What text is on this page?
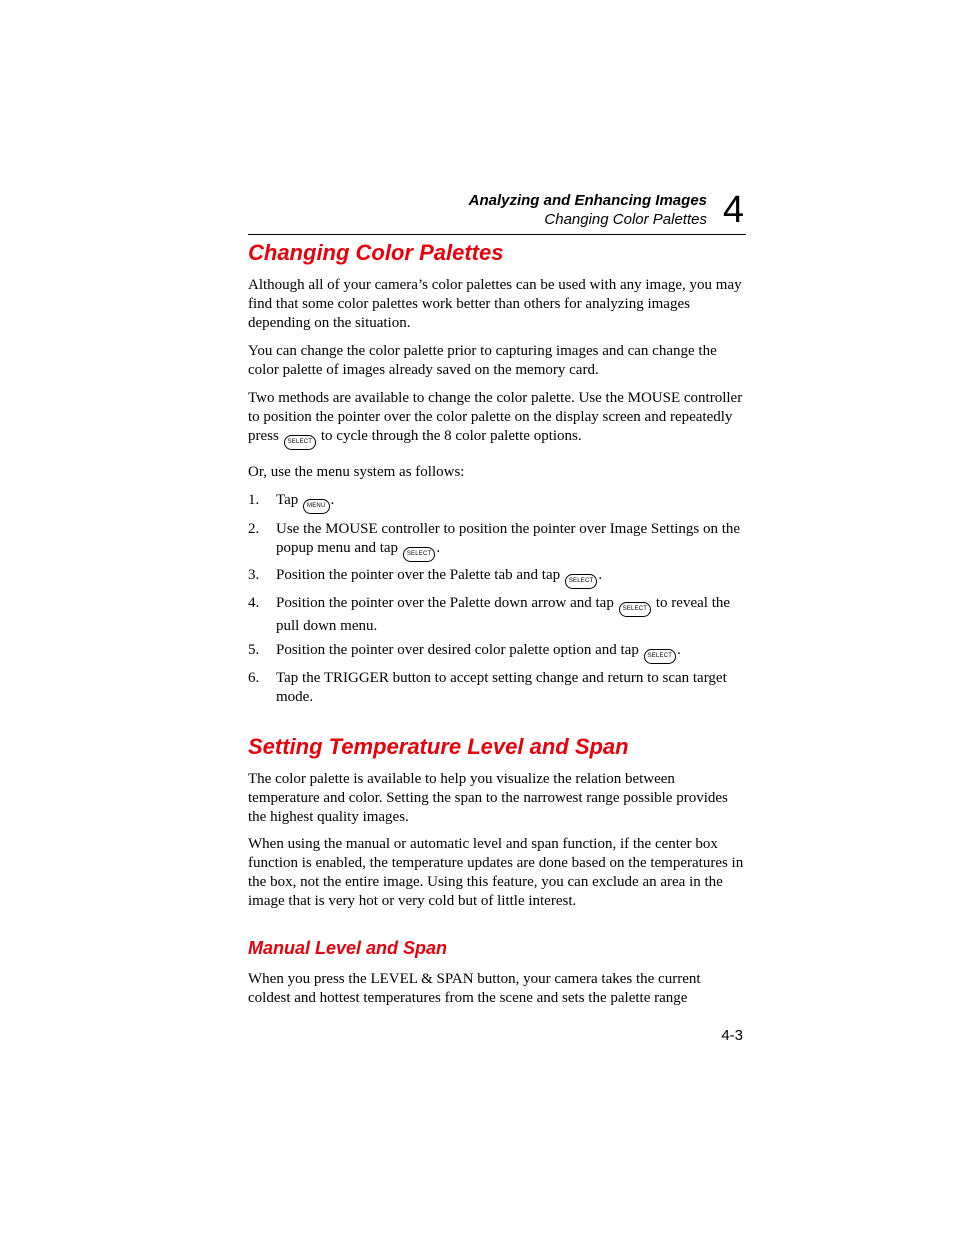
Analyzing and Enhancing Images
Changing Color Palettes 4
Changing Color Palettes

Although all of your camera’s color palettes can be used with any image, you may find that some color palettes work better than others for analyzing images depending on the situation.

You can change the color palette prior to capturing images and can change the color palette of images already saved on the memory card.

Two methods are available to change the color palette. Use the MOUSE controller to position the pointer over the color palette on the display screen and repeatedly press SELECT to cycle through the 8 color palette options.

Or, use the menu system as follows:

1. Tap MENU .
2. Use the MOUSE controller to position the pointer over Image Settings on the popup menu and tap SELECT .
3. Position the pointer over the Palette tab and tap SELECT .
4. Position the pointer over the Palette down arrow and tap SELECT to reveal the pull down menu.
5. Position the pointer over desired color palette option and tap SELECT .
6. Tap the TRIGGER button to accept setting change and return to scan target mode.
Setting Temperature Level and Span

The color palette is available to help you visualize the relation between temperature and color. Setting the span to the narrowest range possible provides the highest quality images.

When using the manual or automatic level and span function, if the center box function is enabled, the temperature updates are done based on the temperatures in the box, not the entire image. Using this feature, you can exclude an area in the image that is very hot or very cold but of little interest.

Manual Level and Span

When you press the LEVEL & SPAN button, your camera takes the current coldest and hottest temperatures from the scene and sets the palette range

4-3
